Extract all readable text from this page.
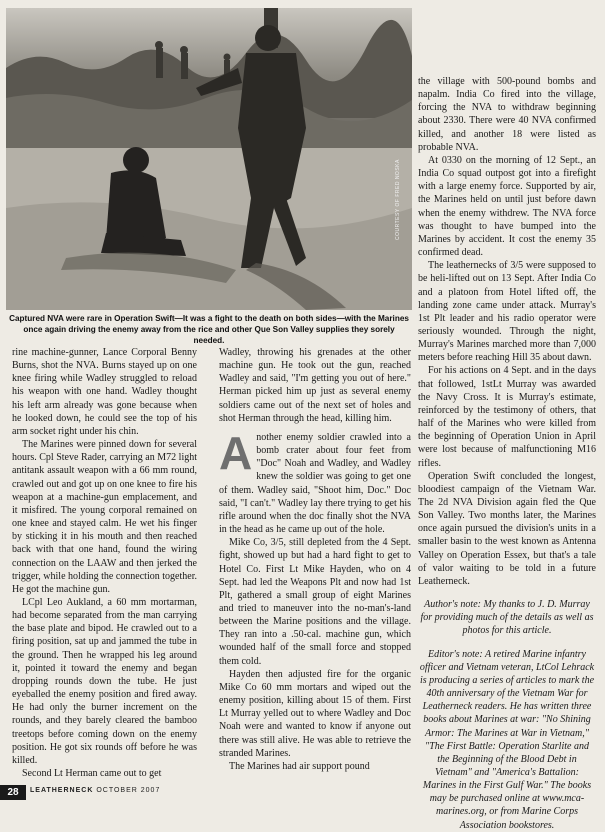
COURTESY OF FRED NOSKA
Captured NVA were rare in Operation Swift—It was a fight to the death on both sides—with the Marines once again driving the enemy away from the rice and other Que Son Valley supplies they sorely needed.

rine machine-gunner, Lance Corporal Benny Burns, shot the NVA. Burns stayed up on one knee firing while Wadley struggled to reload his weapon with one hand. Wadley thought his left arm already was gone because when he looked down, he could see the top of his arm socket right under his chin.

The Marines were pinned down for several hours. Cpl Steve Rader, carrying an M72 light antitank assault weapon with a 66 mm round, crawled out and got up on one knee to fire his weapon at a machine-gun emplacement, and it misfired. The young corporal remained on one knee and stayed calm. He wet his finger by sticking it in his mouth and then reached back with that one hand, found the wiring connection on the LAAW and then jerked the trigger, while holding the connection together. He got the machine gun.

LCpl Leo Aukland, a 60 mm mortarman, had become separated from the man carrying the base plate and bipod. He crawled out to a firing position, sat up and jammed the tube in the ground. Then he wrapped his leg around it, pointed it toward the enemy and began dropping rounds down the tube. He just eyeballed the enemy position and fired away. He had only the burner increment on the rounds, and they barely cleared the bamboo treetops before coming down on the enemy position. He got six rounds off before he was killed.

Second Lt Herman came out to get

Wadley, throwing his grenades at the other machine gun. He took out the gun, reached Wadley and said, "I'm getting you out of here." Herman picked him up just as several enemy soldiers came out of the next set of holes and shot Herman through the head, killing him.

Another enemy soldier crawled into a bomb crater about four feet from "Doc" Noah and Wadley, and Wadley knew the soldier was going to get one of them. Wadley said, "Shoot him, Doc." Doc said, "I can't." Wadley lay there trying to get his rifle around when the doc finally shot the NVA in the head as he came up out of the hole.

Mike Co, 3/5, still depleted from the 4 Sept. fight, showed up but had a hard fight to get to Hotel Co. First Lt Mike Hayden, who on 4 Sept. had led the Weapons Plt and now had 1st Plt, gathered a small group of eight Marines and tried to maneuver into the no-man's-land between the Marine positions and the village. They ran into a .50-cal. machine gun, which wounded half of the small force and stopped them cold.

Hayden then adjusted fire for the organic Mike Co 60 mm mortars and wiped out the enemy position, killing about 15 of them. First Lt Murray yelled out to where Wadley and Doc Noah were and wanted to know if anyone out there was still alive. He was able to retrieve the stranded Marines.

The Marines had air support pound

the village with 500-pound bombs and napalm. India Co fired into the village, forcing the NVA to withdraw beginning about 2330. There were 40 NVA confirmed killed, and another 18 were listed as probable NVA.

At 0330 on the morning of 12 Sept., an India Co squad outpost got into a firefight with a large enemy force. Supported by air, the Marines held on until just before dawn when the enemy withdrew. The NVA force was thought to have bumped into the Marines by accident. It cost the enemy 35 confirmed dead.

The leathernecks of 3/5 were supposed to be heli-lifted out on 13 Sept. After India Co and a platoon from Hotel lifted off, the landing zone came under attack. Murray's 1st Plt leader and his radio operator were seriously wounded. Through the night, Murray's Marines marched more than 7,000 meters before reaching Hill 35 about dawn.

For his actions on 4 Sept. and in the days that followed, 1stLt Murray was awarded the Navy Cross. It is Murray's estimate, reinforced by the testimony of others, that half of the Marines who were killed from the beginning of Operation Union in April were lost because of malfunctioning M16 rifles.

Operation Swift concluded the longest, bloodiest campaign of the Vietnam War. The 2d NVA Division again fled the Que Son Valley. Two months later, the Marines once again pursued the division's units in a smaller basin to the west known as Antenna Valley on Operation Essex, but that's a tale of valor waiting to be told in a future Leatherneck.

Author's note: My thanks to J. D. Murray for providing much of the details as well as photos for this article.

Editor's note: A retired Marine infantry officer and Vietnam veteran, LtCol Lehrack is producing a series of articles to mark the 40th anniversary of the Vietnam War for Leatherneck readers. He has written three books about Marines at war: "No Shining Armor: The Marines at War in Vietnam," "The First Battle: Operation Starlite and the Beginning of the Blood Debt in Vietnam" and "America's Battalion: Marines in the First Gulf War." The books may be purchased online at www.mca-marines.org, or from Marine Corps Association bookstores.

28	LEATHERNECK OCTOBER 2007
